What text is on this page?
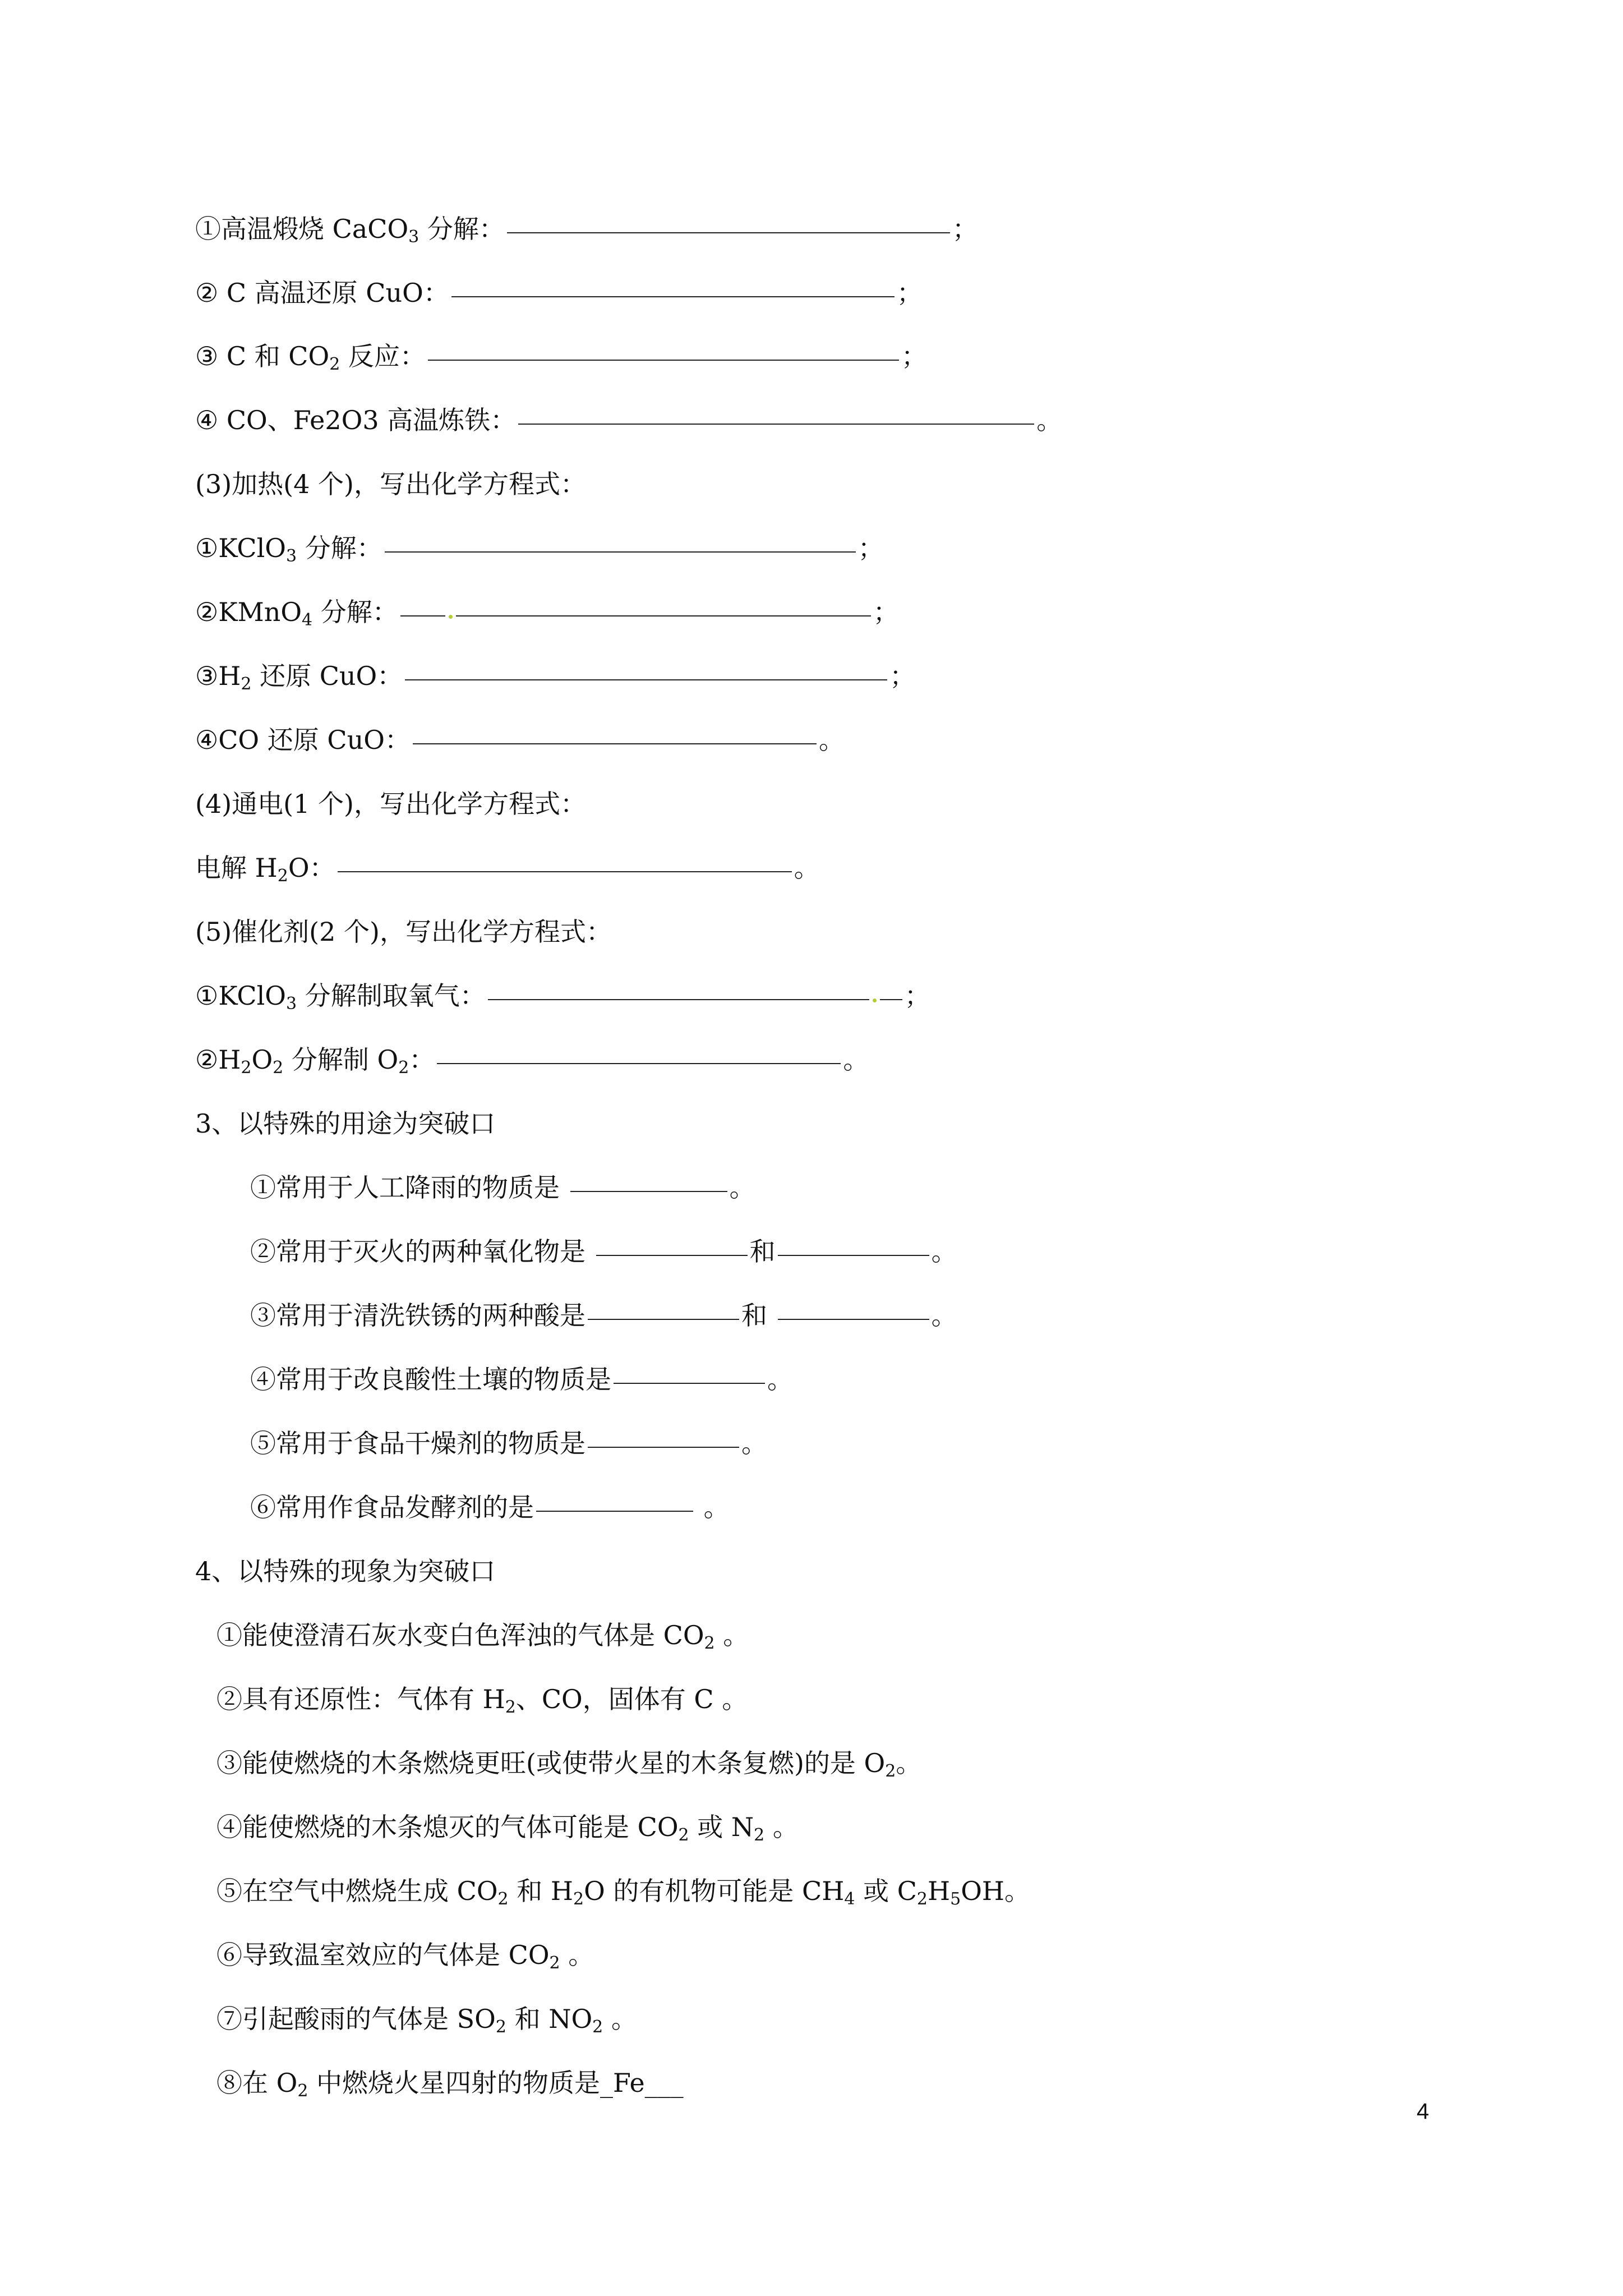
①高温煅烧 CaCO$_3$ 分解：	；
② C 高温还原 CuO：	；
③ C 和 $CO_2$ 反应：	；
④ CO、Fe2O3 高温炼铁：	。
(3)加热(4 个)，写出化学方程式：
①KClO$_3$ 分解：	；
②KMnO$_4$ 分解：	；
$③H_2$ 还原 CuO：	；
④CO 还原 CuO：	。
(4)通电(1 个)，写出化学方程式：
电解 $H_2O$：	。
(5)催化剂(2 个)，写出化学方程式：
①KClO$_3$ 分解制取氧气：	；
$②H_2O_2$ 分解制 $O_2$：	。
3、以特殊的用途为突破口
①常用于人工降雨的物质是	。
②常用于灭火的两种氧化物是	和	。
③常用于清洗铁锈的两种酸是	和	。
④常用于改良酸性土壤的物质是	。
⑤常用于食品干燥剂的物质是	。
⑥常用作食品发酵剂的是	。
4、以特殊的现象为突破口
①能使澄清石灰水变白色浑浊的气体是 $CO_2$ 。
②具有还原性：气体有 $H_2$、CO，固体有 C 。
③能使燃烧的木条燃烧更旺(或使带火星的木条复燃)的是 $O_2$。
④能使燃烧的木条熄灭的气体可能是 $CO_2$ 或 $N_2$ 。
⑤在空气中燃烧生成 $CO_2$ 和 $H_2O$ 的有机物可能是 $CH_4$ 或 $C_2H_5OH$。
⑥导致温室效应的气体是 $CO_2$ 。
⑦引起酸雨的气体是 $SO_2$ 和 $NO_2$ 。
⑧在 $O_2$ 中燃烧火星四射的物质是_Fe___
4
